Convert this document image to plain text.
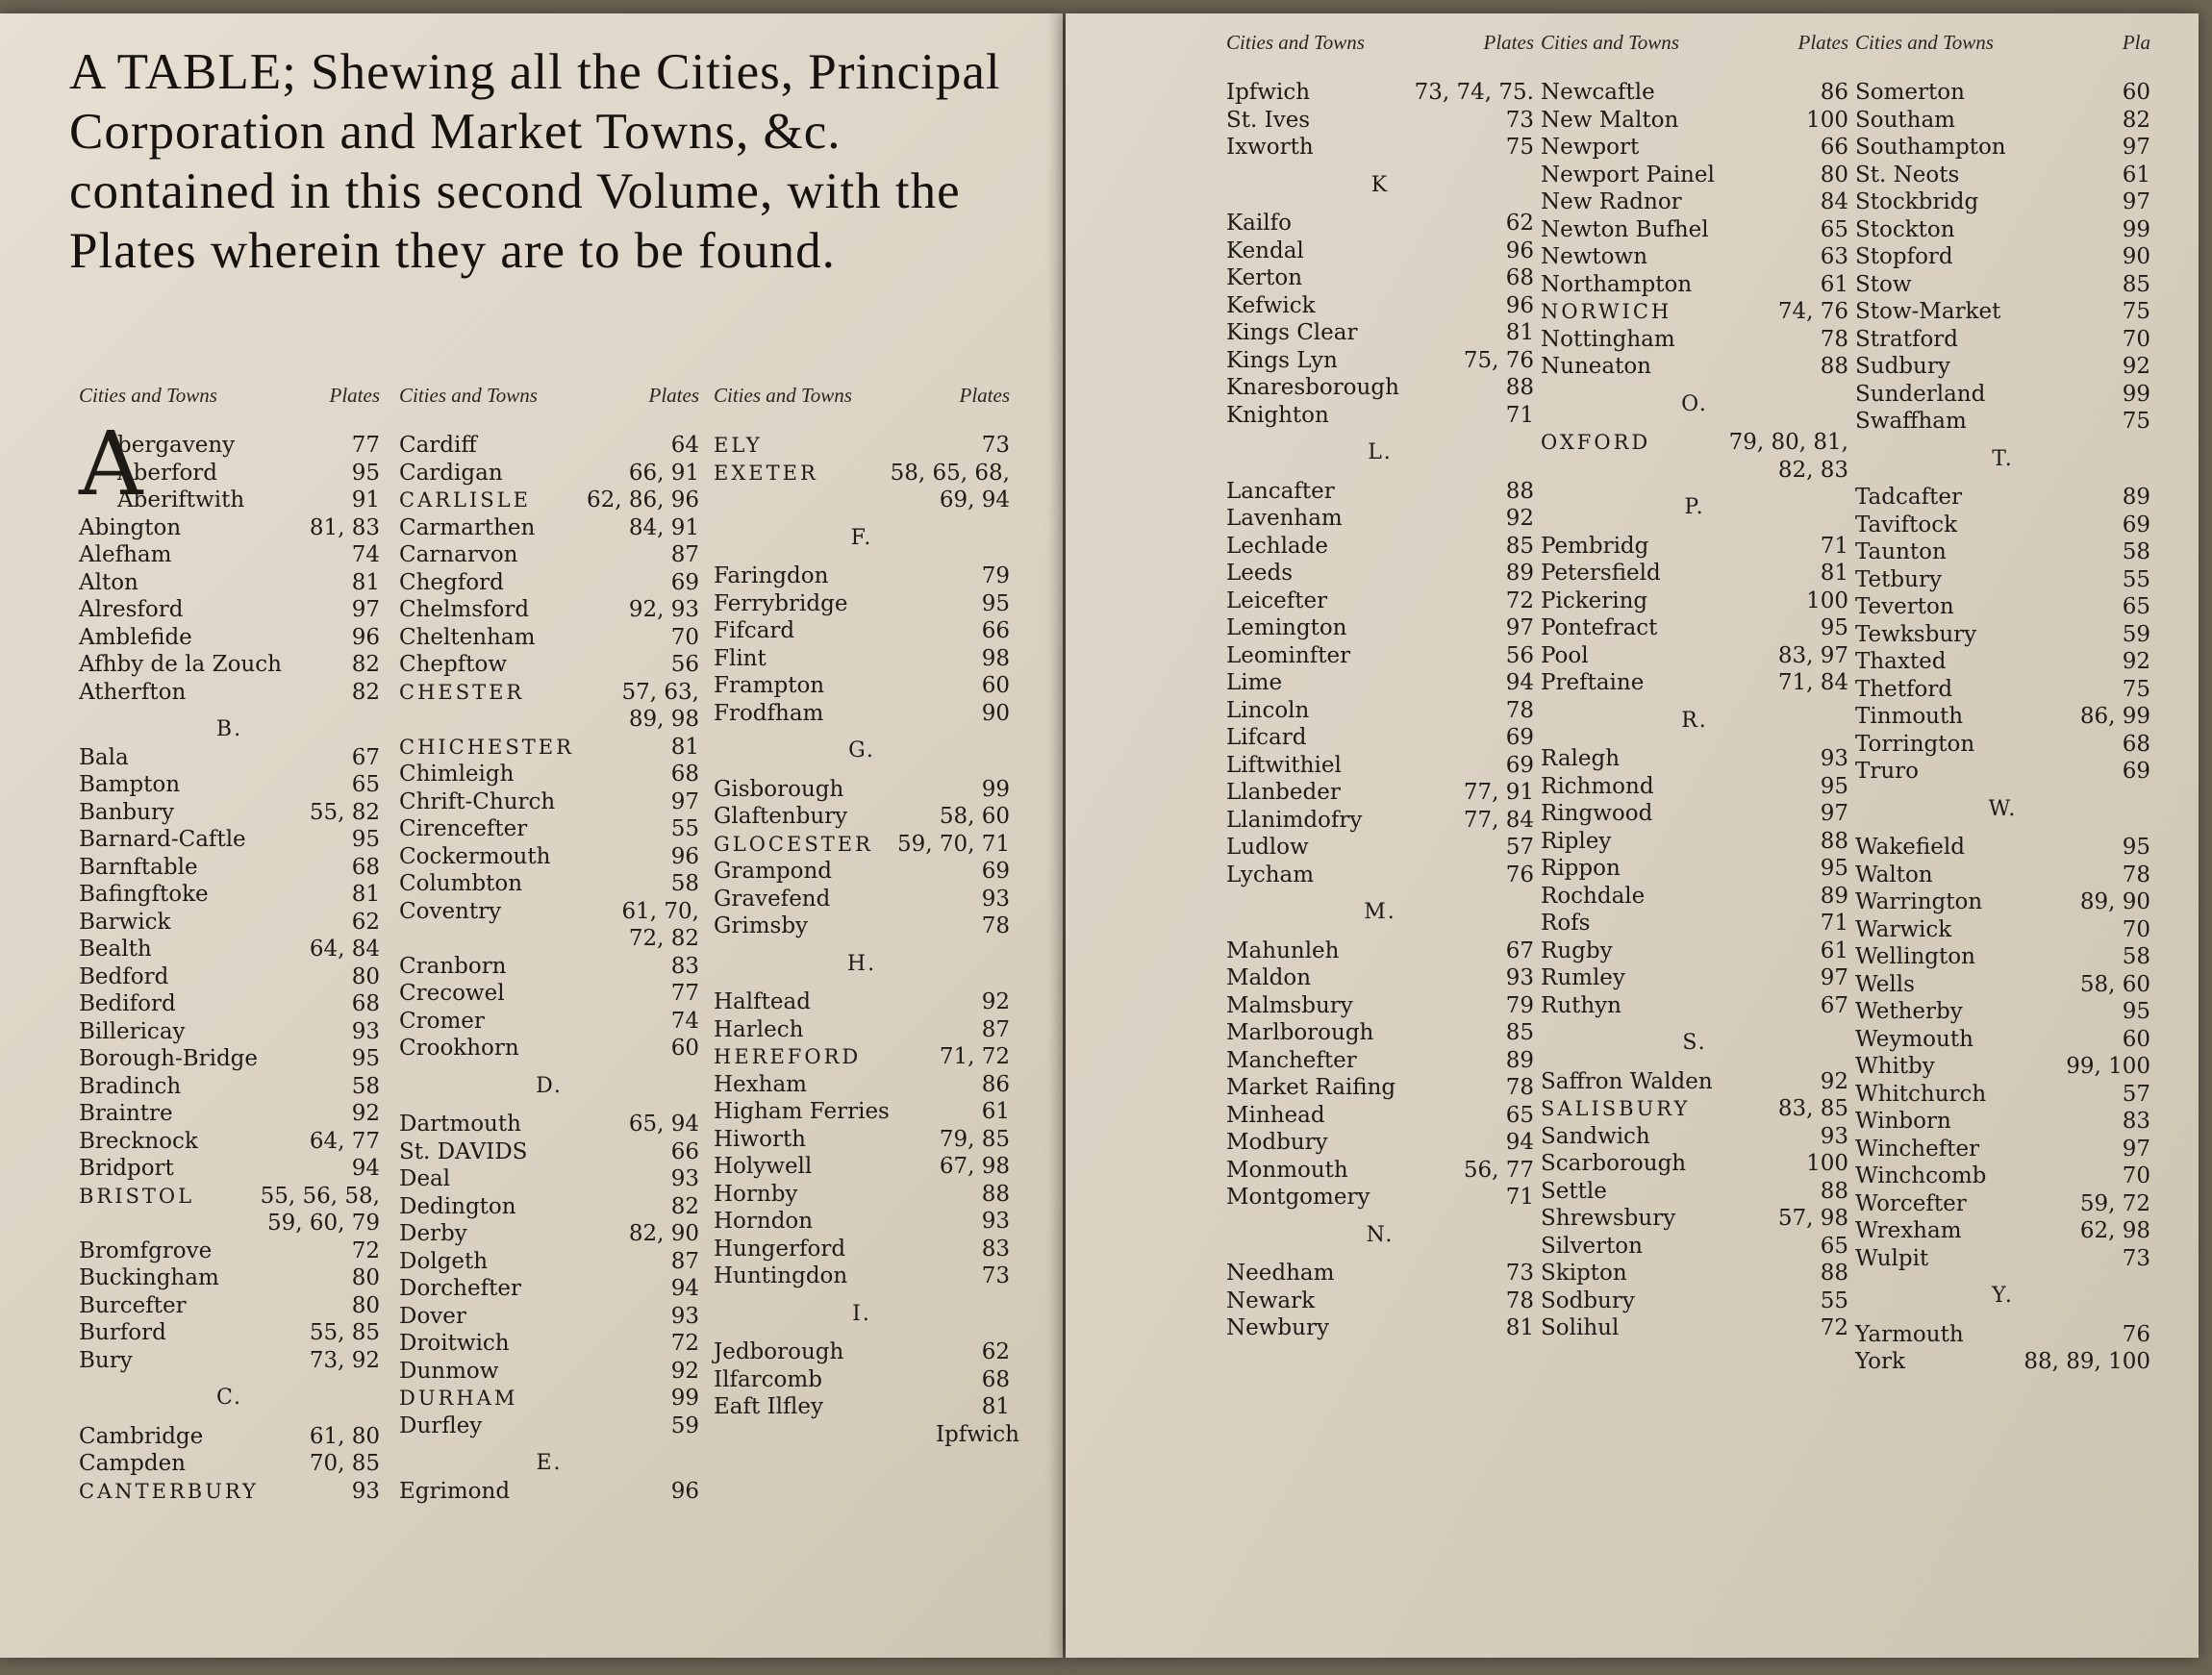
A TABLE; Shewing all the Cities, Principal Corporation and Market Towns, &c. contained in this second Volume, with the Plates wherein they are to be found.
Cities and Towns	Plates
A
bergaveny	77
Aberford	95
Aberiftwith	91
Abington	81, 83
Alefham	74
Alton	81
Alresford	97
Amblefide	96
Afhby de la Zouch	82
Atherfton	82
B.
Bala	67
Bampton	65
Banbury	55, 82
Barnard-Caftle	95
Barnftable	68
Bafingftoke	81
Barwick	62
Bealth	64, 84
Bedford	80
Bediford	68
Billericay	93
Borough-Bridge	95
Bradinch	58
Braintre	92
Brecknock	64, 77
Bridport	94
BRISTOL	55, 56, 58,
59, 60, 79
Bromfgrove	72
Buckingham	80
Burcefter	80
Burford	55, 85
Bury	73, 92
C.
Cambridge	61, 80
Campden	70, 85
CANTERBURY	93
Cities and Towns	Plates
Cardiff	64
Cardigan	66, 91
CARLISLE	62, 86, 96
Carmarthen	84, 91
Carnarvon	87
Chegford	69
Chelmsford	92, 93
Cheltenham	70
Chepftow	56
CHESTER	57, 63,
89, 98
CHICHESTER	81
Chimleigh	68
Chrift-Church	97
Cirencefter	55
Cockermouth	96
Columbton	58
Coventry	61, 70,
72, 82
Cranborn	83
Crecowel	77
Cromer	74
Crookhorn	60
D.
Dartmouth	65, 94
St. DAVIDS	66
Deal	93
Dedington	82
Derby	82, 90
Dolgeth	87
Dorchefter	94
Dover	93
Droitwich	72
Dunmow	92
DURHAM	99
Durfley	59
E.
Egrimond	96
Cities and Towns	Plates
ELY	73
EXETER	58, 65, 68,
69, 94
F.
Faringdon	79
Ferrybridge	95
Fifcard	66
Flint	98
Frampton	60
Frodfham	90
G.
Gisborough	99
Glaftenbury	58, 60
GLOCESTER 59, 70, 71
Grampond	69
Gravefend	93
Grimsby	78
H.
Halftead	92
Harlech	87
HEREFORD	71, 72
Hexham	86
Higham Ferries	61
Hiworth	79, 85
Holywell	67, 98
Hornby	88
Horndon	93
Hungerford	83
Huntingdon	73
I.
Jedborough	62
Ilfarcomb	68
Eaft Ilfley	81
Ipfwich
Cities and Towns	Plates
Ipfwich	73, 74, 75.
St. Ives	73
Ixworth	75
K
Kailfo	62
Kendal	96
Kerton	68
Kefwick	96
Kings Clear	81
Kings Lyn	75, 76
Knaresborough	88
Knighton	71
L.
Lancafter	88
Lavenham	92
Lechlade	85
Leeds	89
Leicefter	72
Lemington	97
Leominfter	56
Lime	94
Lincoln	78
Lifcard	69
Liftwithiel	69
Llanbeder	77, 91
Llanimdofry	77, 84
Ludlow	57
Lycham	76
M.
Mahunleh	67
Maldon	93
Malmsbury	79
Marlborough	85
Manchefter	89
Market Raifing	78
Minhead	65
Modbury	94
Monmouth	56, 77
Montgomery	71
N.
Needham	73
Newark	78
Newbury	81
Cities and Towns	Plates
Newcaftle	86
New Malton	100
Newport	66
Newport Painel	80
New Radnor	84
Newton Bufhel	65
Newtown	63
Northampton	61
NORWICH	74, 76
Nottingham	78
Nuneaton	88
O.
OXFORD	79, 80, 81,
82, 83
P.
Pembridg	71
Petersfield	81
Pickering	100
Pontefract	95
Pool	83, 97
Preftaine	71, 84
R.
Ralegh	93
Richmond	95
Ringwood	97
Ripley	88
Rippon	95
Rochdale	89
Rofs	71
Rugby	61
Rumley	97
Ruthyn	67
S.
Saffron Walden	92
SALISBURY	83, 85
Sandwich	93
Scarborough	100
Settle	88
Shrewsbury	57, 98
Silverton	65
Skipton	88
Sodbury	55
Solihul	72
Cities and Towns	Pla
Somerton	60
Southam	82
Southampton	97
St. Neots	61
Stockbridg	97
Stockton	99
Stopford	90
Stow	85
Stow-Market	75
Stratford	70
Sudbury	92
Sunderland	99
Swaffham	75
T.
Tadcafter	89
Taviftock	69
Taunton	58
Tetbury	55
Teverton	65
Tewksbury	59
Thaxted	92
Thetford	75
Tinmouth	86, 99
Torrington	68
Truro	69
W.
Wakefield	95
Walton	78
Warrington	89, 90
Warwick	70
Wellington	58
Wells	58, 60
Wetherby	95
Weymouth	60
Whitby	99, 100
Whitchurch	57
Winborn	83
Winchefter	97
Winchcomb	70
Worcefter	59, 72
Wrexham	62, 98
Wulpit	73
Y.
Yarmouth	76
York	88, 89, 100
